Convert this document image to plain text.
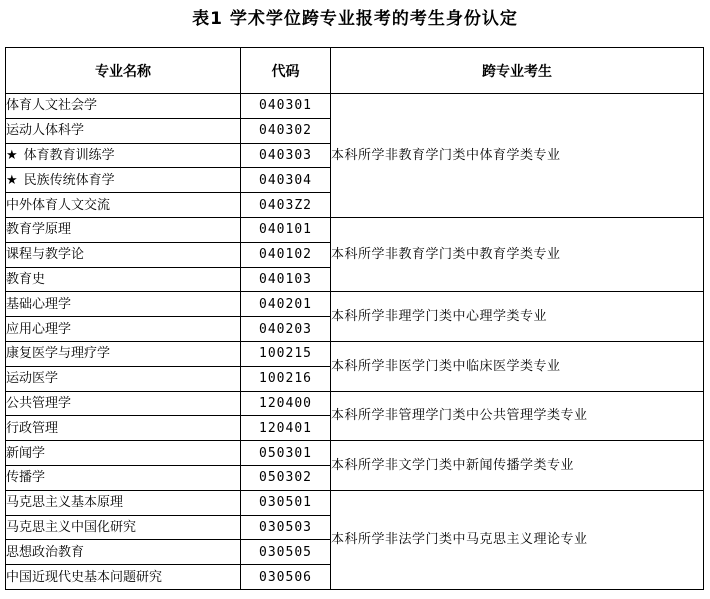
表1 学术学位跨专业报考的考生身份认定
专业名称	代码	跨专业考生
体育人文社会学	040301	本科所学非教育学门类中体育学类专业
运动人体科学	040302	
★ 体育教育训练学	040303	
★ 民族传统体育学	040304	
中外体育人文交流	0403Z2	
教育学原理	040101	本科所学非教育学门类中教育学类专业
课程与教学论	040102	
教育史	040103	
基础心理学	040201	本科所学非理学门类中心理学类专业
应用心理学	040203	
康复医学与理疗学	100215	本科所学非医学门类中临床医学类专业
运动医学	100216	
公共管理学	120400	本科所学非管理学门类中公共管理学类专业
行政管理	120401	
新闻学	050301	本科所学非文学门类中新闻传播学类专业
传播学	050302	
马克思主义基本原理	030501	本科所学非法学门类中马克思主义理论专业
马克思主义中国化研究	030503	
思想政治教育	030505	
中国近现代史基本问题研究	030506	
